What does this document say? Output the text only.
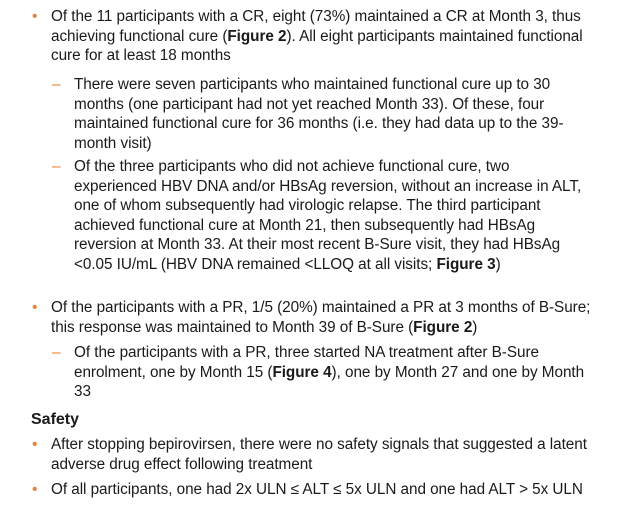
• Of the 11 participants with a CR, eight (73%) maintained a CR at Month 3, thus achieving functional cure (Figure 2). All eight participants maintained functional cure for at least 18 months
– There were seven participants who maintained functional cure up to 30 months (one participant had not yet reached Month 33). Of these, four maintained functional cure for 36 months (i.e. they had data up to the 39-month visit)
– Of the three participants who did not achieve functional cure, two experienced HBV DNA and/or HBsAg reversion, without an increase in ALT, one of whom subsequently had virologic relapse. The third participant achieved functional cure at Month 21, then subsequently had HBsAg reversion at Month 33. At their most recent B-Sure visit, they had HBsAg <0.05 IU/mL (HBV DNA remained <LLOQ at all visits; Figure 3)
• Of the participants with a PR, 1/5 (20%) maintained a PR at 3 months of B-Sure; this response was maintained to Month 39 of B-Sure (Figure 2)
– Of the participants with a PR, three started NA treatment after B-Sure enrolment, one by Month 15 (Figure 4), one by Month 27 and one by Month 33
Safety
• After stopping bepirovirsen, there were no safety signals that suggested a latent adverse drug effect following treatment
• Of all participants, one had 2x ULN ≤ ALT ≤ 5x ULN and one had ALT > 5x ULN
